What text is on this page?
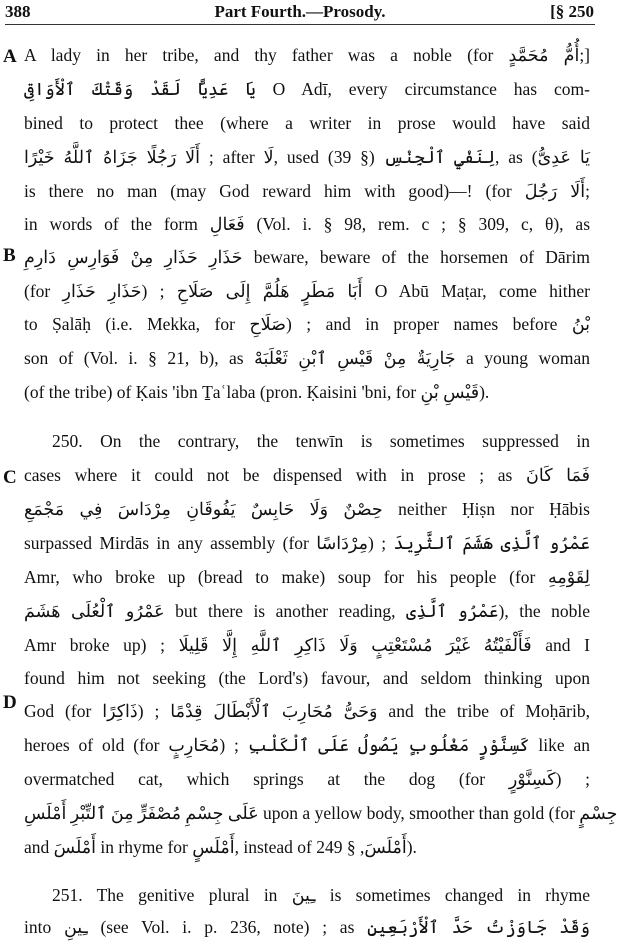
388	Part Fourth.—Prosody.	[§ 250
A
B
C
D
A lady in her tribe, and thy father was a noble (for أُمُّ مُحَمَّدٍ;]
يَا عَدِيًّا لَقَدْ وَقَتْكَ ٱلْأَوَاقِى O Adī, every circumstance has com-
bined to protect thee (where a writer in prose would have said
أَلَا رَجُلًا جَزَاهُ ٱللَّهُ خَيْرًا ; after لَا, used لِنَفْيِ ٱلْجِنْسِ (§ 39), as (يَا عَدِىُّ
is there no man (may God reward him with good)—! (for أَلَا رَجُلَ;
in words of the form فَعَالِ (Vol. i. § 98, rem. c ; § 309, c, θ), as
حَذَارِ حَذَارِ مِنْ فَوَارِسِ دَارِمِ beware, beware of the horsemen of Dārim
(for حَذَارِ حَذَارِ) ; أَبَا مَطَرٍ هَلُمَّ إِلَى صَلَاحِ O Abū Maṭar, come hither
to Ṣalāḥ (i.e. Mekka, for صَلَاحِ) ; and in proper names before بْنُ
son of (Vol. i. § 21, b), as جَارِيَةٌ مِنْ قَيْسِ ٱبْنِ ثَعْلَبَهْ a young woman
(of the tribe) of Ḳais 'ibn Ṯaʿlaba (pron. Ḳaisini 'bni, for قَيْسِ بْنِ).
250. On the contrary, the tenwīn is sometimes suppressed in
cases where it could not be dispensed with in prose ; as فَمَا كَانَ
حِصْنٌ وَلَا حَابِسٌ يَفُوقَانِ مِرْدَاسَ فِي مَجْمَعِ neither Ḥiṣn nor Ḥābis
surpassed Mirdās in any assembly (for مِرْدَاسًا) ; عَمْرُو ٱلَّذِى هَشَمَ ٱلثَّرِيدَ
Amr, who broke up (bread to make) soup for his people (for لِقَوْمِهِ
عَمْرُو ٱلْعُلَى هَشَمَ but there is another reading, عَمْرُو ٱلَّذِى), the noble
Amr broke up) ; فَأَلْفَيْتُهُ غَيْرَ مُسْتَعْتِبٍ وَلَا ذَاكِرِ ٱللَّهِ إِلَّا قَلِيلَا and I
found him not seeking (the Lord's) favour, and seldom thinking upon
God (for ذَاكِرًا) ; وَحَىُّ مُحَارِبَ ٱلْأَبْطَالَ قِدْمًا and the tribe of Moḥārib,
heroes of old (for مُحَارِبٍ) ; كَسِنَّوْرٍ مَغْلُوبٍ يَصُولُ عَلَى ٱلْكَلْبِ like an
overmatched cat, which springs at the dog (for كَسِنَّوْرٍ) ;
عَلَى جِسْمِ مُصْفَرٍّ مِنَ ٱلتِّبْرِ أَمْلَسِ upon a yellow body, smoother than gold (for جِسْمٍ
and أَمْلَسَ in rhyme for أَمْلَسٍ, instead of أَمْلَسَ, § 249).
251. The genitive plural in ـِينَ is sometimes changed in rhyme
into ـِينِ (see Vol. i. p. 236, note) ; as وَقَدْ جَاوَزْتُ حَدَّ ٱلْأَرْبَعِينِ
